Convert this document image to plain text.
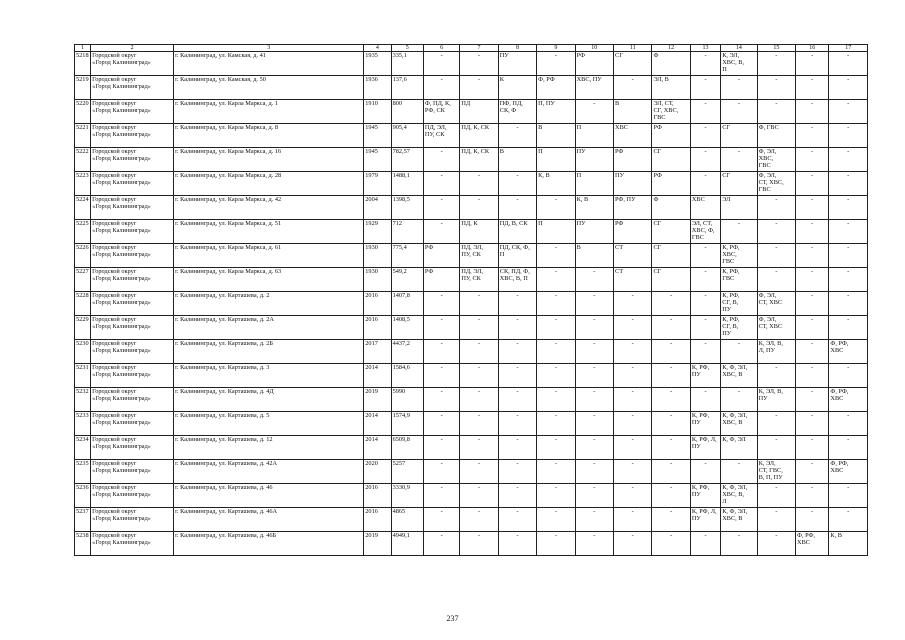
1	2	3	4	5	6	7	8	9	10	11	12	13	14	15	16	17
5218	Городской округ
«Город Калининград»	г. Калининград, ул. Камская, д. 41	1935	335,1	-	-	ПУ	-	РФ	СГ	Ф	-	К, ЭЛ,
ХВС, В,
П	-	-	-
5219	Городской округ
«Город Калининград»	г. Калининград, ул. Камская, д. 50	1936	137,6	-	-	К	Ф, РФ	ХВС, ПУ	-	ЭЛ, В	-	-	-	-	-
5220	Городской округ
«Город Калининград»	г. Калининград, ул. Карла Маркса, д. 1	1910	800	Ф, ПД, К,
РФ, СК	ПД	ПФ, ПД,
СК, Ф	П, ПУ	-	В	ЭЛ, СТ,
СГ, ХВС,
ГВС	-	-	-	-	-
5221	Городской округ
«Город Калининград»	г. Калининград, ул. Карла Маркса, д. 8	1945	905,4	ПД, ЭЛ,
ПУ, СК	ПД, К, СК	-	В	П	ХВС	РФ	-	СГ	Ф, ГВС	-	-
5222	Городской округ
«Город Калининград»	г. Калининград, ул. Карла Маркса, д. 16	1945	782,57	-	ПД, К, СК	В	П	ПУ	РФ	СГ	-	-	Ф, ЭЛ,
ХВС,
ГВС	-	-
5223	Городской округ
«Город Калининград»	г. Калининград, ул. Карла Маркса, д. 28	1979	1488,1	-	-	-	К, В	П	ПУ	РФ	-	СГ	Ф, ЭЛ,
СТ, ХВС,
ГВС	-	-
5224	Городской округ
«Город Калининград»	г. Калининград, ул. Карла Маркса, д. 42	2004	1398,5	-	-	-	-	К, В	РФ, ПУ	Ф	ХВС	ЭЛ	-	-	-
5225	Городской округ
«Город Калининград»	г. Калининград, ул. Карла Маркса, д. 51	1929	712	-	ПД, К	ПД, В, СК	П	ПУ	РФ	СГ	ЭЛ, СТ,
ХВС, Ф,
ГВС	-	-	-	-
5226	Городской округ
«Город Калининград»	г. Калининград, ул. Карла Маркса, д. 61	1930	775,4	РФ	ПД, ЭЛ,
ПУ, СК	ПД, СК, Ф,
П	-	В	СТ	СГ	-	К, РФ,
ХВС,
ГВС	-	-	-
5227	Городской округ
«Город Калининград»	г. Калининград, ул. Карла Маркса, д. 63	1930	549,2	РФ	ПД, ЭЛ,
ПУ, СК	СК, ПД, Ф,
ХВС, В, П	-	-	СТ	СГ	-	К, РФ,
ГВС	-	-	-
5228	Городской округ
«Город Калининград»	г. Калининград, ул. Карташева, д. 2	2016	1407,8	-	-	-	-	-	-	-	-	К, РФ,
СГ, В,
ПУ	Ф, ЭЛ,
СТ, ХВС	-	-
5229	Городской округ
«Город Калининград»	г. Калининград, ул. Карташева, д. 2А	2016	1408,5	-	-	-	-	-	-	-	-	К, РФ,
СГ, В,
ПУ	Ф, ЭЛ,
СТ, ХВС	-	-
5230	Городской округ
«Город Калининград»	г. Калининград, ул. Карташева, д. 2Б	2017	4437,2	-	-	-	-	-	-	-	-	-	К, ЭЛ, В,
Л, ПУ	-	Ф, РФ,
ХВС
5231	Городской округ
«Город Калининград»	г. Калининград, ул. Карташева, д. 3	2014	1584,6	-	-	-	-	-	-	-	К, РФ,
ПУ	К, Ф, ЭЛ,
ХВС, В	-	-	-
5232	Городской округ
«Город Калининград»	г. Калининград, ул. Карташева, д. 4Д	2019	5990	-	-	-	-	-	-	-	-	-	К, ЭЛ, В,
ПУ	-	Ф, РФ,
ХВС
5233	Городской округ
«Город Калининград»	г. Калининград, ул. Карташева, д. 5	2014	1574,9	-	-	-	-	-	-	-	К, РФ,
ПУ	К, Ф, ЭЛ,
ХВС, В	-	-	-
5234	Городской округ
«Город Калининград»	г. Калининград, ул. Карташева, д. 12	2014	6509,8	-	-	-	-	-	-	-	К, РФ, Л,
ПУ	К, Ф, ЭЛ	-	-	-
5235	Городской округ
«Город Калининград»	г. Калининград, ул. Карташева, д. 42А	2020	5257	-	-	-	-	-	-	-	-	-	К, ЭЛ,
СТ, ГВС,
В, П, ПУ	-	Ф, РФ,
ХВС
5236	Городской округ
«Город Калининград»	г. Калининград, ул. Карташева, д. 46	2016	3330,9	-	-	-	-	-	-	-	К, РФ,
ПУ	К, Ф, ЭЛ,
ХВС, В,
Л	-	-	-
5237	Городской округ
«Город Калининград»	г. Калининград, ул. Карташева, д. 46А	2016	4865	-	-	-	-	-	-	-	К, РФ, Л,
ПУ	К, Ф, ЭЛ,
ХВС, В	-	-	-
5238	Городской округ
«Город Калининград»	г. Калининград, ул. Карташева, д. 46Б	2019	4949,1	-	-	-	-	-	-	-	-	-	-	Ф, РФ,
ХВС	К, В
237
